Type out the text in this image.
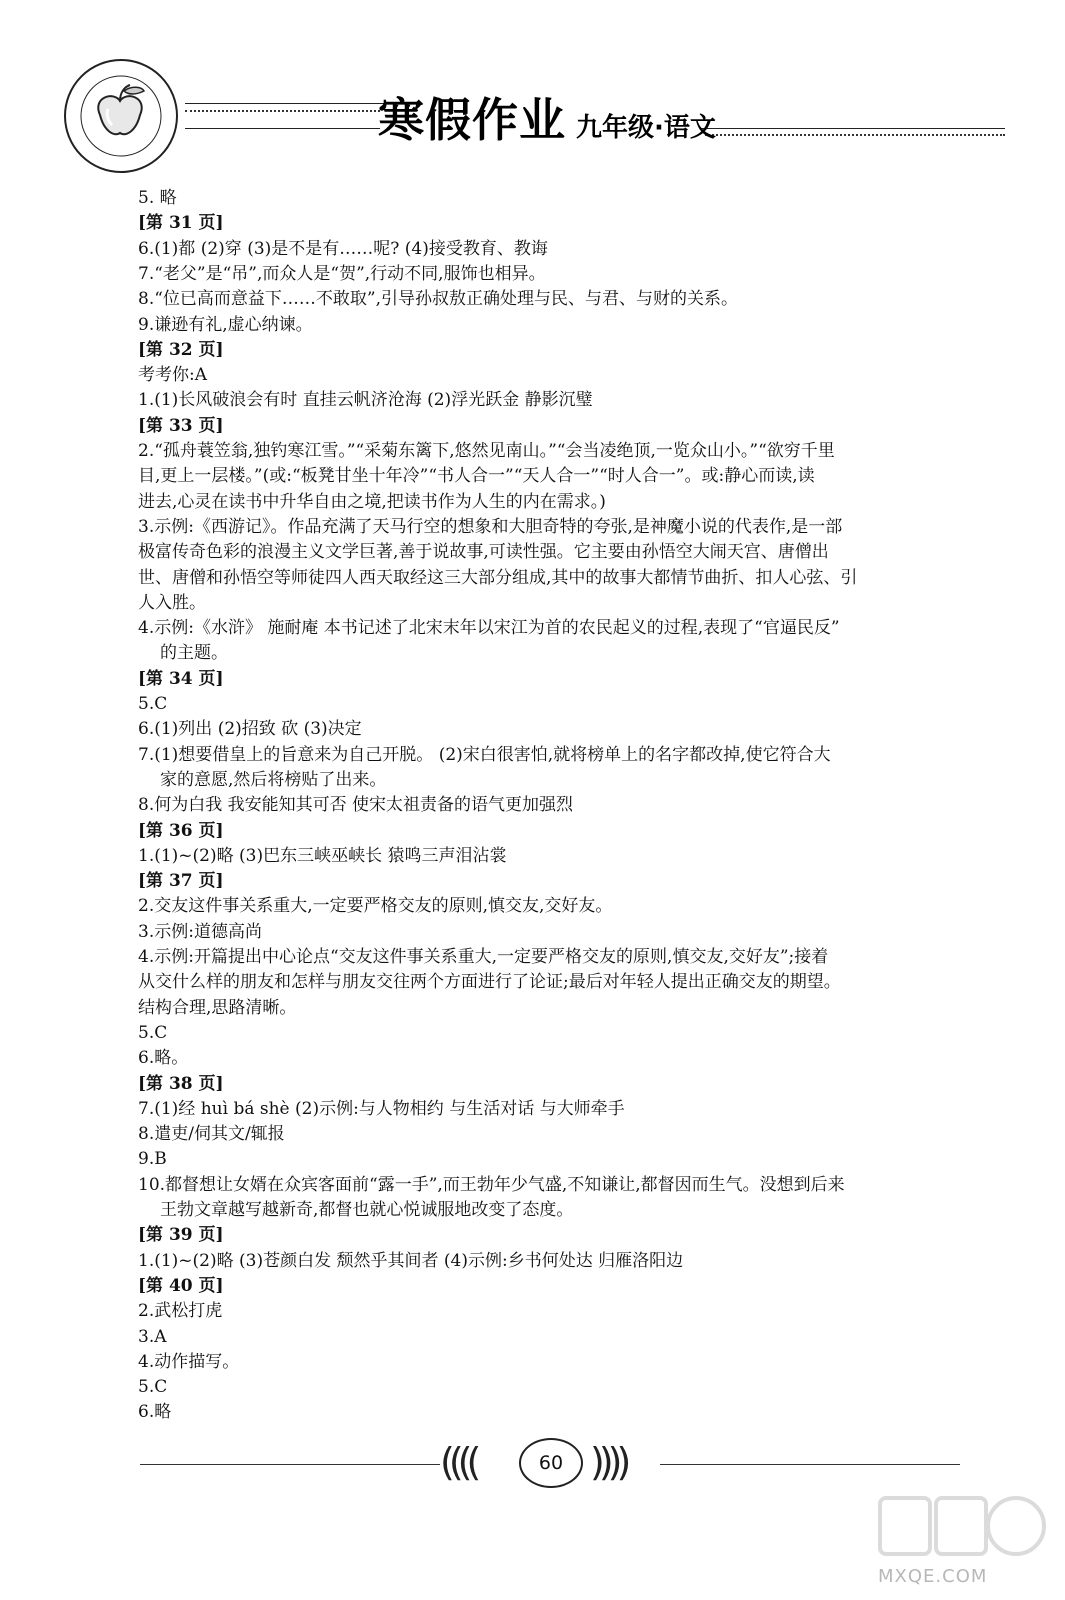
寒假作业 九年级·语文
5. 略
[第 31 页]
6.(1)都 (2)穿 (3)是不是有……呢? (4)接受教育、教诲
7.“老父”是“吊”,而众人是“贺”,行动不同,服饰也相异。
8.“位已高而意益下……不敢取”,引导孙叔敖正确处理与民、与君、与财的关系。
9.谦逊有礼,虚心纳谏。
[第 32 页]
考考你:A
1.(1)长风破浪会有时 直挂云帆济沧海 (2)浮光跃金 静影沉璧
[第 33 页]
2.“孤舟蓑笠翁,独钓寒江雪。”“采菊东篱下,悠然见南山。”“会当凌绝顶,一览众山小。”“欲穷千里
目,更上一层楼。”(或:“板凳甘坐十年冷”“书人合一”“天人合一”“时人合一”。或:静心而读,读
进去,心灵在读书中升华自由之境,把读书作为人生的内在需求。)
3.示例:《西游记》。作品充满了天马行空的想象和大胆奇特的夸张,是神魔小说的代表作,是一部
极富传奇色彩的浪漫主义文学巨著,善于说故事,可读性强。它主要由孙悟空大闹天宫、唐僧出
世、唐僧和孙悟空等师徒四人西天取经这三大部分组成,其中的故事大都情节曲折、扣人心弦、引
人入胜。
4.示例:《水浒》 施耐庵 本书记述了北宋末年以宋江为首的农民起义的过程,表现了“官逼民反”
的主题。
[第 34 页]
5.C
6.(1)列出 (2)招致 砍 (3)决定
7.(1)想要借皇上的旨意来为自己开脱。 (2)宋白很害怕,就将榜单上的名字都改掉,使它符合大
家的意愿,然后将榜贴了出来。
8.何为白我 我安能知其可否 使宋太祖责备的语气更加强烈
[第 36 页]
1.(1)~(2)略 (3)巴东三峡巫峡长 猿鸣三声泪沾裳
[第 37 页]
2.交友这件事关系重大,一定要严格交友的原则,慎交友,交好友。
3.示例:道德高尚
4.示例:开篇提出中心论点“交友这件事关系重大,一定要严格交友的原则,慎交友,交好友”;接着
从交什么样的朋友和怎样与朋友交往两个方面进行了论证;最后对年轻人提出正确交友的期望。
结构合理,思路清晰。
5.C
6.略。
[第 38 页]
7.(1)经 huì bá shè (2)示例:与人物相约 与生活对话 与大师牵手
8.遣吏/伺其文/辄报
9.B
10.都督想让女婿在众宾客面前“露一手”,而王勃年少气盛,不知谦让,都督因而生气。没想到后来
王勃文章越写越新奇,都督也就心悦诚服地改变了态度。
[第 39 页]
1.(1)~(2)略 (3)苍颜白发 颓然乎其间者 (4)示例:乡书何处达 归雁洛阳边
[第 40 页]
2.武松打虎
3.A
4.动作描写。
5.C
6.略
((((	))))
60
MXQE.COM
